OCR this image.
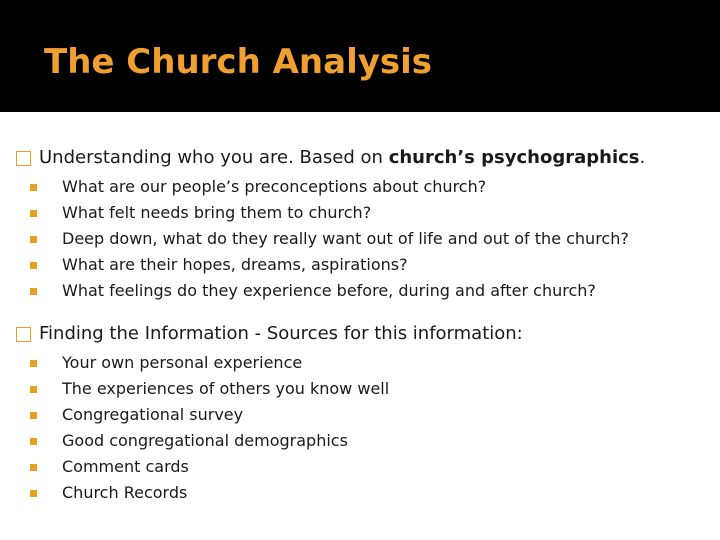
The Church Analysis
Understanding who you are. Based on church’s psychographics.
What are our people’s preconceptions about church?
What felt needs bring them to church?
Deep down, what do they really want out of life and out of the church?
What are their hopes, dreams, aspirations?
What feelings do they experience before, during and after church?
Finding the Information - Sources for this information:
Your own personal experience
The experiences of others you know well
Congregational survey
Good congregational demographics
Comment cards
Church Records
